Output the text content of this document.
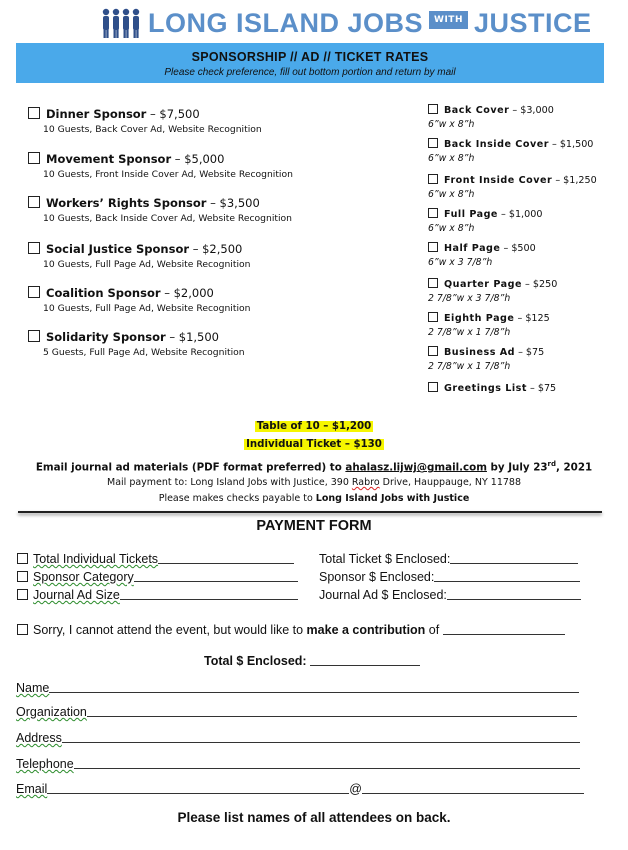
LONG ISLAND JOBS	WITH JUSTICE
SPONSORSHIP // AD // TICKET RATES
Please check preference, fill out bottom portion and return by mail
Dinner Sponsor – $7,500
10 Guests, Back Cover Ad, Website Recognition
Movement Sponsor – $5,000
10 Guests, Front Inside Cover Ad, Website Recognition
Workers’ Rights Sponsor – $3,500
10 Guests, Back Inside Cover Ad, Website Recognition
Social Justice Sponsor – $2,500
10 Guests, Full Page Ad, Website Recognition
Coalition Sponsor – $2,000
10 Guests, Full Page Ad, Website Recognition
Solidarity Sponsor – $1,500
5 Guests, Full Page Ad, Website Recognition
Back Cover – $3,000
6”w x 8”h
Back Inside Cover – $1,500
6”w x 8”h
Front Inside Cover – $1,250
6”w x 8”h
Full Page – $1,000
6”w x 8”h
Half Page – $500
6”w x 3 7/8”h
Quarter Page – $250
2 7/8”w x 3 7/8”h
Eighth Page – $125
2 7/8”w x 1 7/8”h
Business Ad – $75
2 7/8”w x 1 7/8”h
Greetings List – $75
Table of 10 – $1,200
Individual Ticket – $130
Email journal ad materials (PDF format preferred) to ahalasz.lijwj@gmail.com by July 23rd, 2021
Mail payment to: Long Island Jobs with Justice, 390 Rabro Drive, Hauppauge, NY 11788
Please makes checks payable to Long Island Jobs with Justice
PAYMENT FORM
Total Individual Tickets
Sponsor Category
Journal Ad Size
Total Ticket $ Enclosed:
Sponsor $ Enclosed:
Journal Ad $ Enclosed:
Sorry, I cannot attend the event, but would like to make a contribution of
Total $ Enclosed:
Name
Organization
Address
Telephone
Email	@
Please list names of all attendees on back.
